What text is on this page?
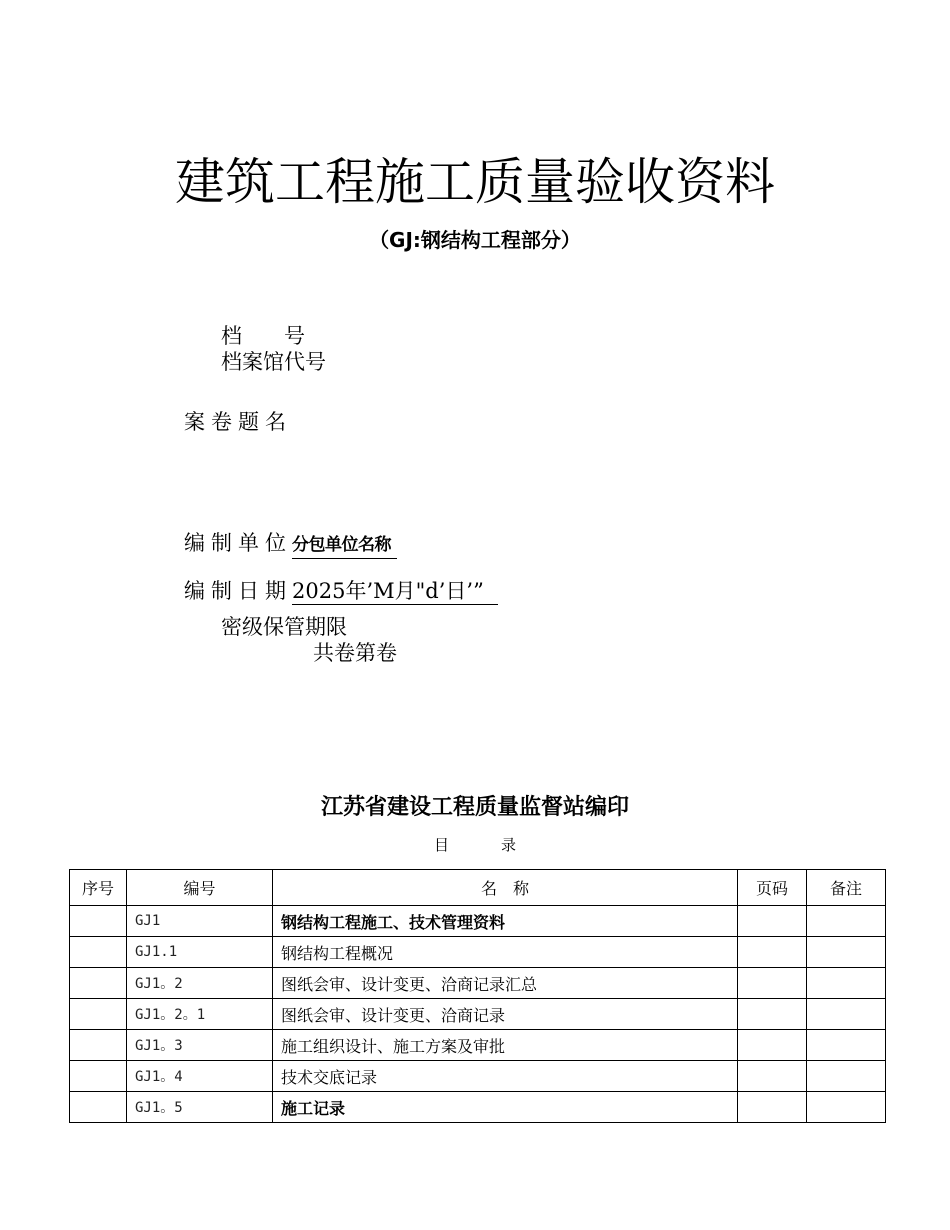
建筑工程施工质量验收资料
（GJ:钢结构工程部分）
档　　号
档案馆代号
案卷题名
编制单位分包单位名称
编制日期2025年’M月"d’日’”
密级保管期限
共卷第卷
江苏省建设工程质量监督站编印
目	录
序号	编号	名　称	页码	备注
	GJ1	钢结构工程施工、技术管理资料		
	GJ1.1	钢结构工程概况		
	GJ1。2	图纸会审、设计变更、洽商记录汇总		
	GJ1。2。1	图纸会审、设计变更、洽商记录		
	GJ1。3	施工组织设计、施工方案及审批		
	GJ1。4	技术交底记录		
	GJ1。5	施工记录		
